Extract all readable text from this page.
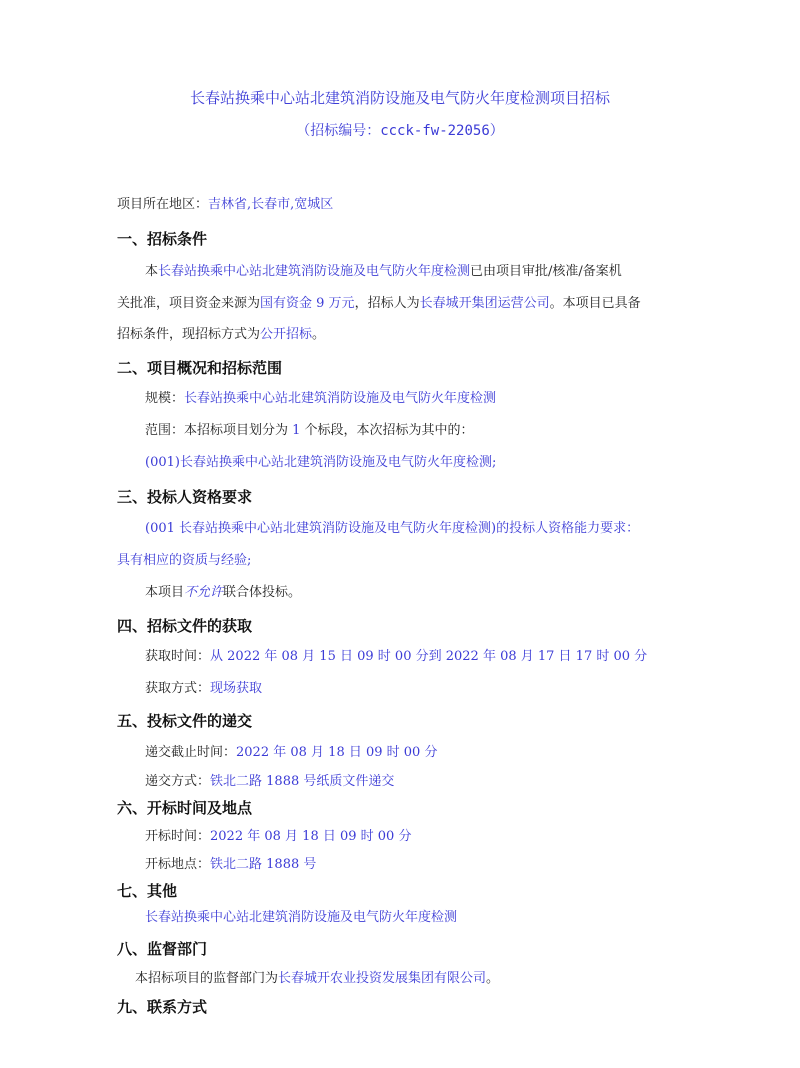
长春站换乘中心站北建筑消防设施及电气防火年度检测项目招标
（招标编号：ccck-fw-22056）
项目所在地区：吉林省,长春市,宽城区
一、招标条件
本长春站换乘中心站北建筑消防设施及电气防火年度检测已由项目审批/核准/备案机
关批准，项目资金来源为国有资金 9 万元，招标人为长春城开集团运营公司。本项目已具备
招标条件，现招标方式为公开招标。
二、项目概况和招标范围
规模：长春站换乘中心站北建筑消防设施及电气防火年度检测
范围：本招标项目划分为 1 个标段，本次招标为其中的：
(001)长春站换乘中心站北建筑消防设施及电气防火年度检测;
三、投标人资格要求
(001 长春站换乘中心站北建筑消防设施及电气防火年度检测)的投标人资格能力要求：
具有相应的资质与经验;
本项目不允许联合体投标。
四、招标文件的获取
获取时间：从 2022 年 08 月 15 日 09 时 00 分到 2022 年 08 月 17 日 17 时 00 分
获取方式：现场获取
五、投标文件的递交
递交截止时间：2022 年 08 月 18 日 09 时 00 分
递交方式：铁北二路 1888 号纸质文件递交
六、开标时间及地点
开标时间：2022 年 08 月 18 日 09 时 00 分
开标地点：铁北二路 1888 号
七、其他
长春站换乘中心站北建筑消防设施及电气防火年度检测
八、监督部门
本招标项目的监督部门为长春城开农业投资发展集团有限公司。
九、联系方式
